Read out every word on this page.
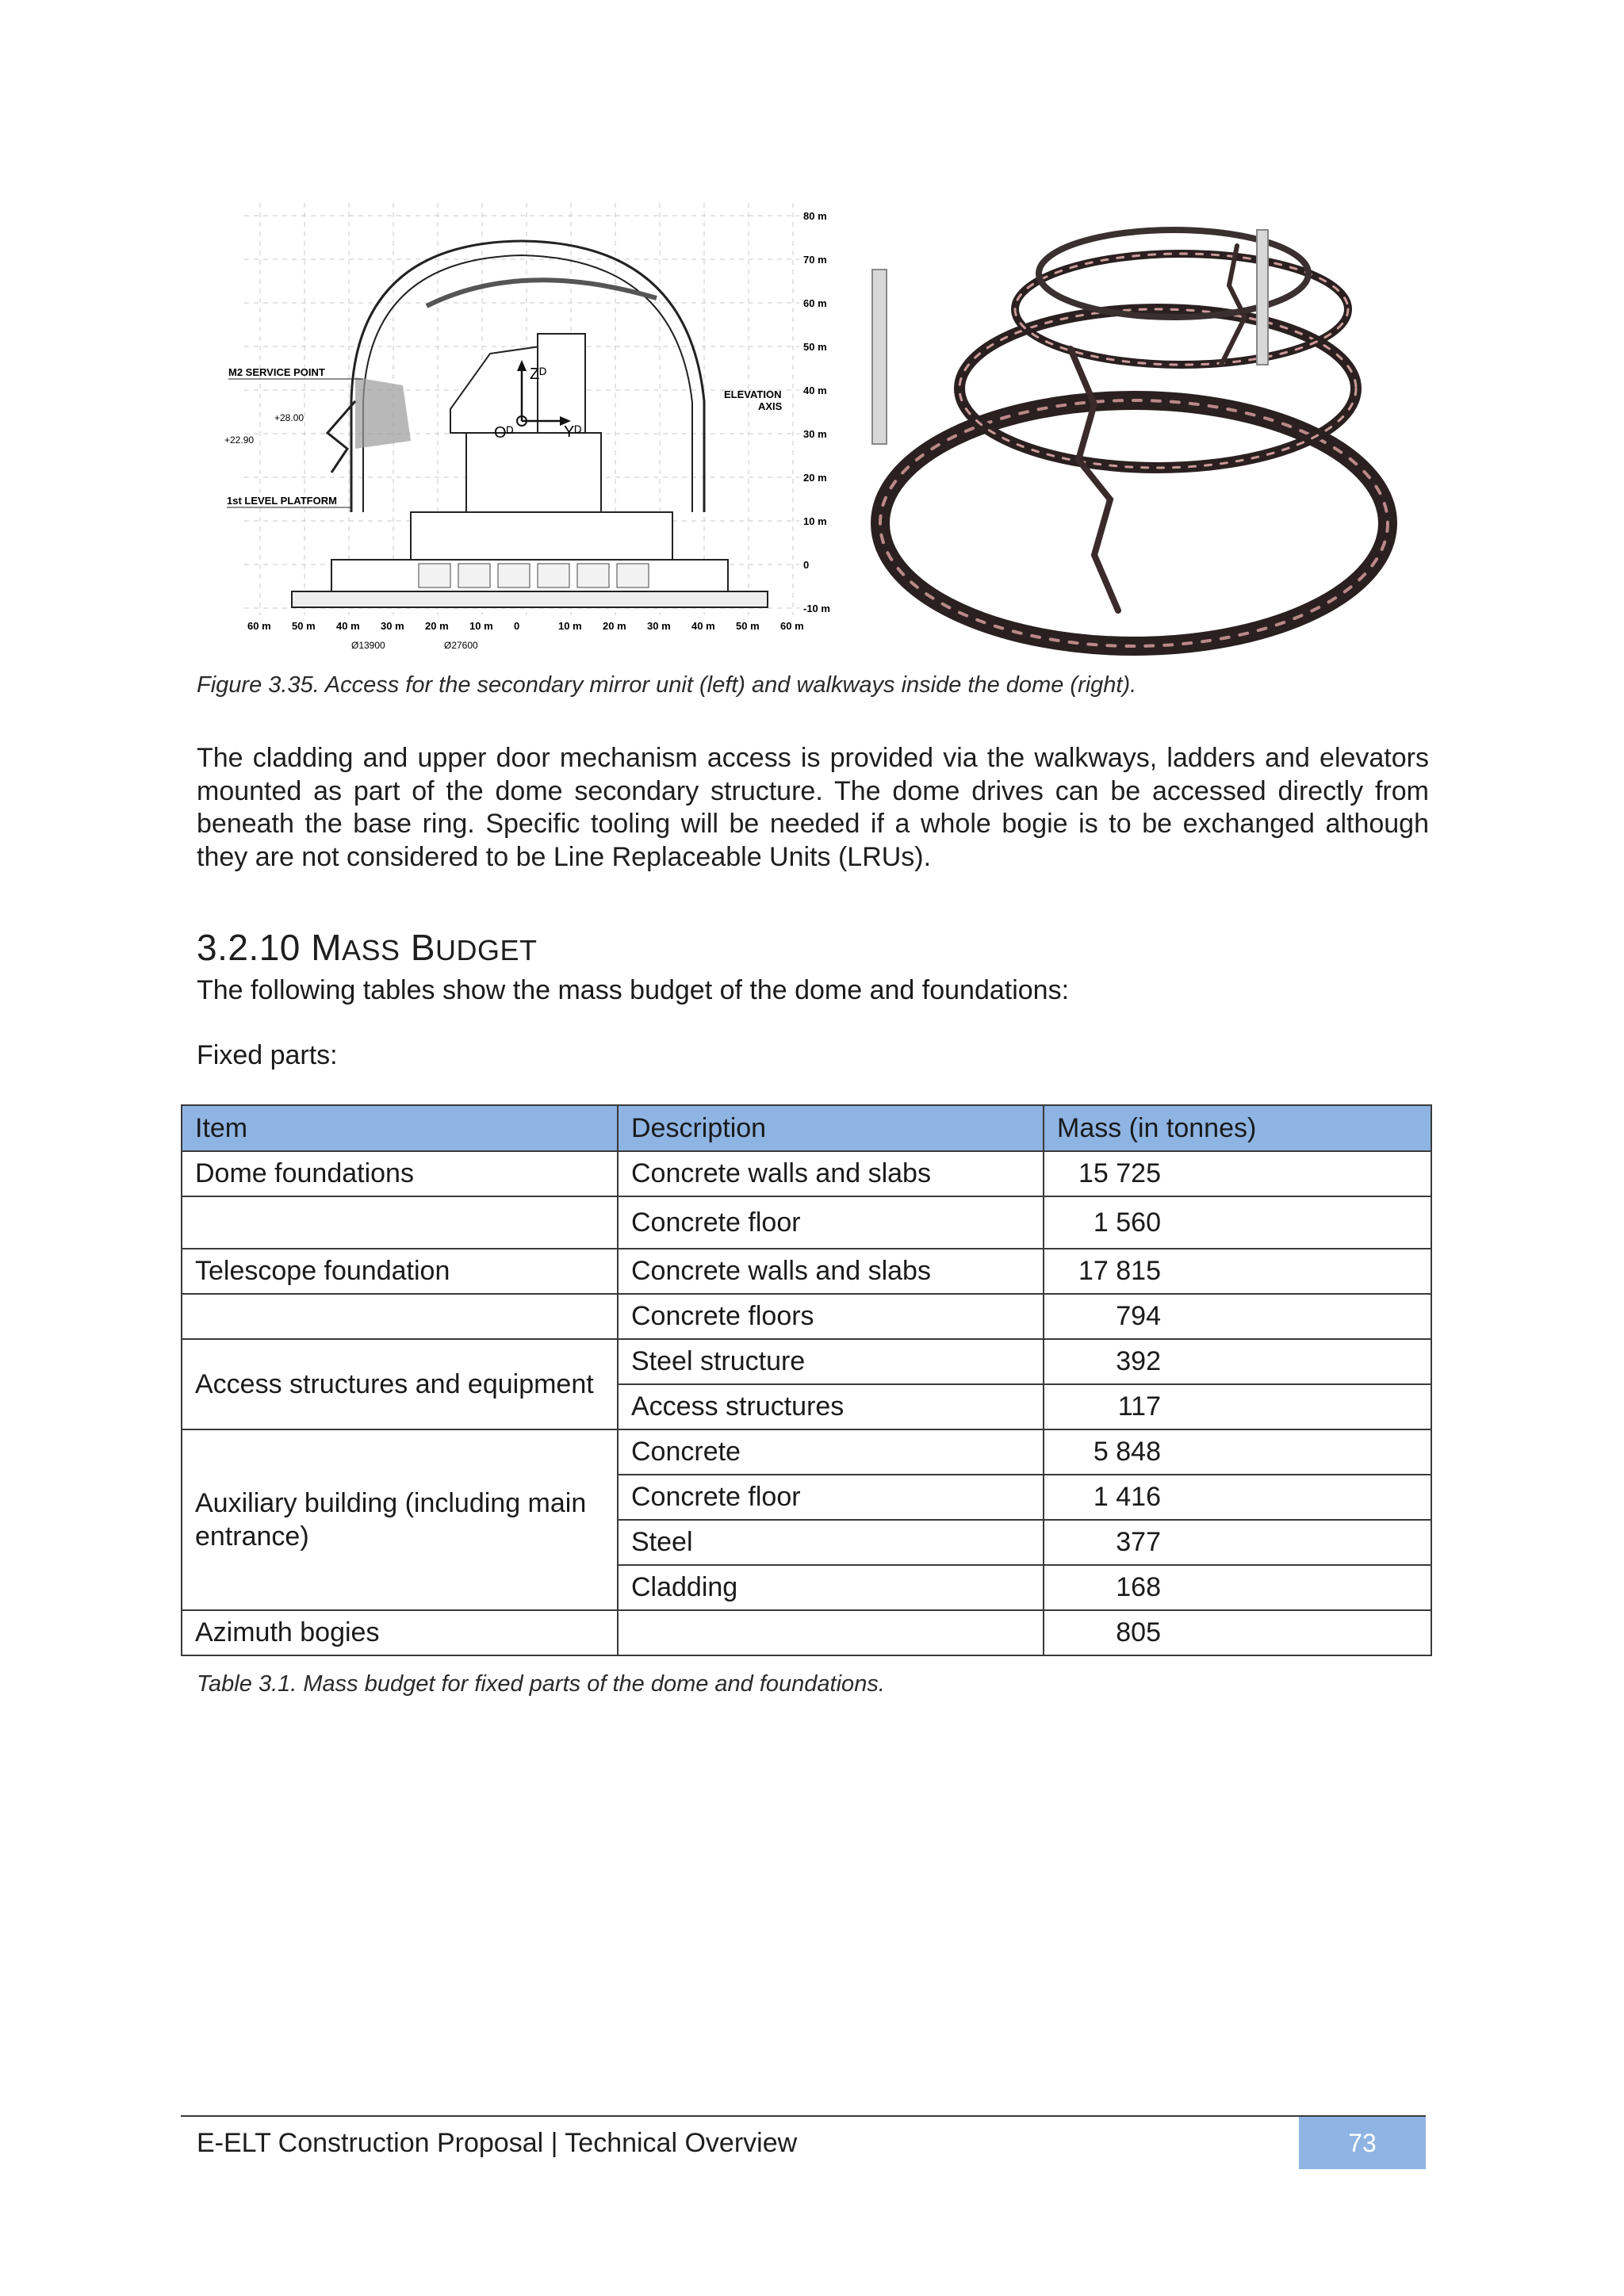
80 m
70 m
60 m
50 m
40 m
30 m
20 m
10 m
0
-10 m
60 m 50 m 40 m 30 m 20 m 10 m 0	10 m 20 m 30 m 40 m 50 m 60 m
Zᴰ
Yᴰ
Oᴰ
M2 SERVICE POINT
+28.00
+22.90
1st LEVEL PLATFORM
ELEVATION
AXIS
Ø13900	Ø27600
Figure 3.35. Access for the secondary mirror unit (left) and walkways inside the dome (right).
The cladding and upper door mechanism access is provided via the walkways, ladders and elevators mounted as part of the dome secondary structure. The dome drives can be accessed directly from beneath the base ring. Specific tooling will be needed if a whole bogie is to be exchanged although they are not considered to be Line Replaceable Units (LRUs).
3.2.10 MASS BUDGET
The following tables show the mass budget of the dome and foundations:
Fixed parts:
Item	Description	Mass (in tonnes)
Dome foundations	Concrete walls and slabs	15 725
	Concrete floor	1 560
Telescope foundation	Concrete walls and slabs	17 815
	Concrete floors	794
Access structures and equipment	Steel structure	392
	Access structures	117
Auxiliary building (including main entrance)	Concrete	5 848
	Concrete floor	1 416
	Steel	377
	Cladding	168
Azimuth bogies		805
Table 3.1. Mass budget for fixed parts of the dome and foundations.
E-ELT Construction Proposal | Technical Overview	73
